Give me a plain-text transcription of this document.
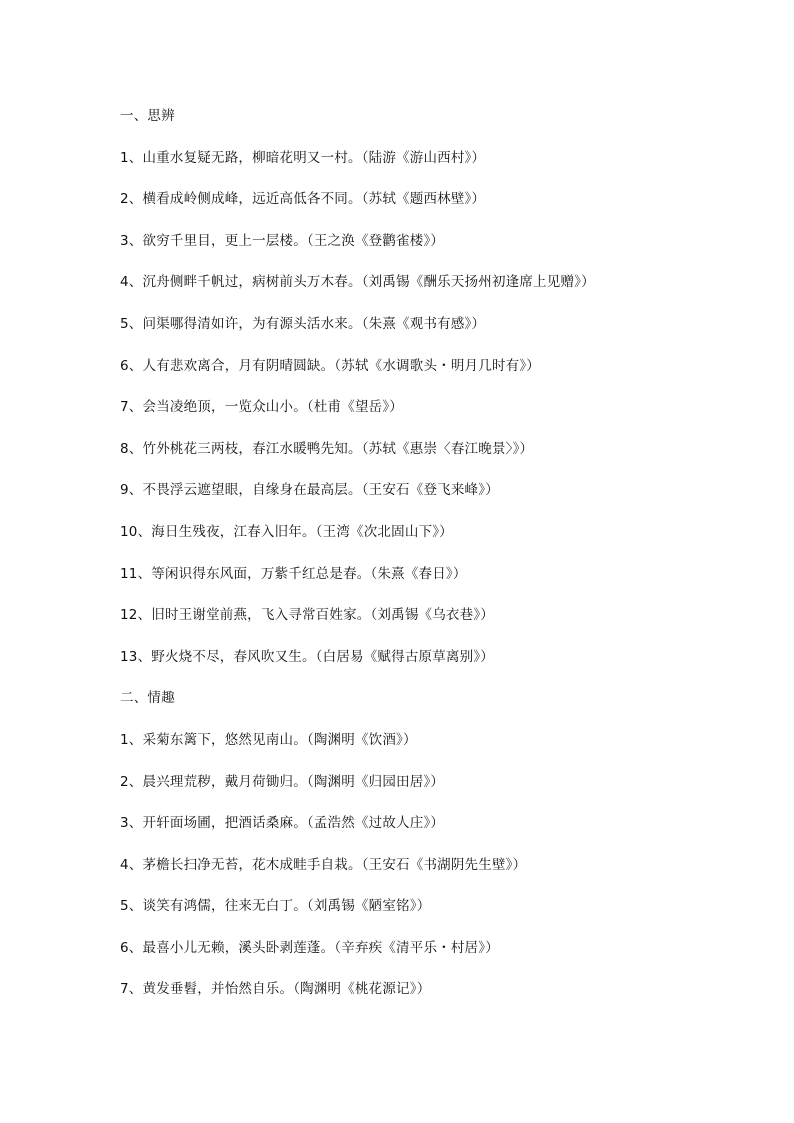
一、思辨
1、山重水复疑无路，柳暗花明又一村。（陆游《游山西村》）
2、横看成岭侧成峰，远近高低各不同。（苏轼《题西林壁》）
3、欲穷千里目，更上一层楼。（王之涣《登鹳雀楼》）
4、沉舟侧畔千帆过，病树前头万木春。（刘禹锡《酬乐天扬州初逢席上见赠》）
5、问渠哪得清如许，为有源头活水来。（朱熹《观书有感》）
6、人有悲欢离合，月有阴晴圆缺。（苏轼《水调歌头・明月几时有》）
7、会当凌绝顶，一览众山小。（杜甫《望岳》）
8、竹外桃花三两枝，春江水暖鸭先知。（苏轼《惠崇〈春江晚景〉》）
9、不畏浮云遮望眼，自缘身在最高层。（王安石《登飞来峰》）
10、海日生残夜，江春入旧年。（王湾《次北固山下》）
11、等闲识得东风面，万紫千红总是春。（朱熹《春日》）
12、旧时王谢堂前燕，飞入寻常百姓家。（刘禹锡《乌衣巷》）
13、野火烧不尽，春风吹又生。（白居易《赋得古原草离别》）
二、情趣
1、采菊东篱下，悠然见南山。（陶渊明《饮酒》）
2、晨兴理荒秽，戴月荷锄归。（陶渊明《归园田居》）
3、开轩面场圃，把酒话桑麻。（孟浩然《过故人庄》）
4、茅檐长扫净无苔，花木成畦手自栽。（王安石《书湖阴先生壁》）
5、谈笑有鸿儒，往来无白丁。（刘禹锡《陋室铭》）
6、最喜小儿无赖，溪头卧剥莲蓬。（辛弃疾《清平乐・村居》）
7、黄发垂髫，并怡然自乐。（陶渊明《桃花源记》）
